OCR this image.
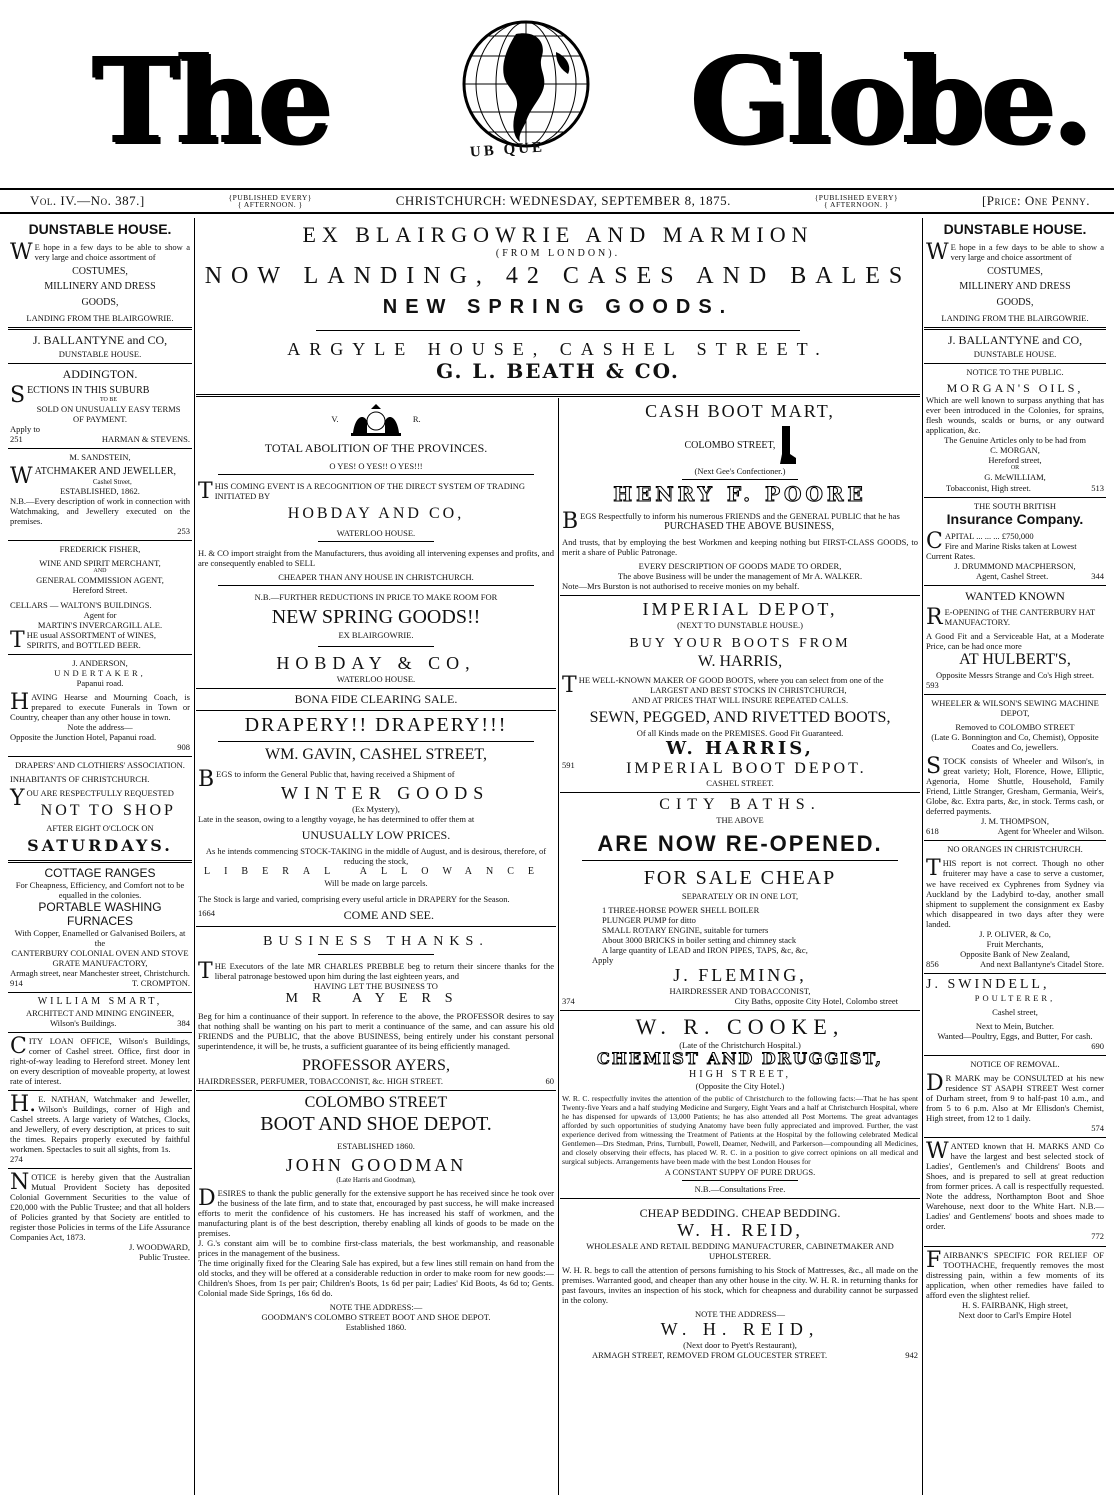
The	UB QUE Globe.
Vol. IV.—No. 387.]	{PUBLISHED EVERY}
{ AFTERNOON. }	CHRISTCHURCH: WEDNESDAY, SEPTEMBER 8, 1875.	{PUBLISHED EVERY}
{ AFTERNOON. }	[Price: One Penny.
DUNSTABLE HOUSE.
WE hope in a few days to be able to show a very large and choice assortment of
COSTUMES,
MILLINERY AND DRESS
GOODS,
LANDING FROM THE BLAIRGOWRIE.
J. BALLANTYNE and CO,
DUNSTABLE HOUSE.
ADDINGTON.
SECTIONS IN THIS SUBURB
TO BE
SOLD ON UNUSUALLY EASY TERMS
OF PAYMENT.
Apply to
251	HARMAN & STEVENS.
M. SANDSTEIN,
WATCHMAKER AND JEWELLER,
Cashel Street,
ESTABLISHED, 1862.
N.B.—Every description of work in connection with Watchmaking, and Jewellery executed on the premises.
253
FREDERICK FISHER,
WINE AND SPIRIT MERCHANT,
AND
GENERAL COMMISSION AGENT,
Hereford Street.
CELLARS — WALTON'S BUILDINGS.
Agent for
MARTIN'S INVERCARGILL ALE.
THE usual ASSORTMENT of WINES, SPIRITS, and BOTTLED BEER.
J. ANDERSON,
UNDERTAKER,
Papanui road.
HAVING Hearse and Mourning Coach, is prepared to execute Funerals in Town or Country, cheaper than any other house in town.
Note the address—
Opposite the Junction Hotel, Papanui road.
908
DRAPERS' AND CLOTHIERS' ASSOCIATION.
INHABITANTS OF CHRISTCHURCH.
YOU ARE RESPECTFULLY REQUESTED
NOT TO SHOP
AFTER EIGHT O'CLOCK ON
SATURDAYS.
COTTAGE RANGES
For Cheapness, Efficiency, and Comfort not to be equalled in the colonies.
PORTABLE WASHING FURNACES
With Copper, Enamelled or Galvanised Boilers, at the
CANTERBURY COLONIAL OVEN AND STOVE GRATE MANUFACTORY,
Armagh street, near Manchester street, Christchurch.
914	T. CROMPTON.
WILLIAM SMART,
ARCHITECT AND MINING ENGINEER,
Wilson's Buildings.	384
CITY LOAN OFFICE, Wilson's Buildings, corner of Cashel street. Office, first door in right-of-way leading to Hereford street. Money lent on every description of moveable property, at lowest rate of interest.
H.E. NATHAN, Watchmaker and Jeweller, Wilson's Buildings, corner of High and Cashel streets. A large variety of Watches, Clocks, and Jewellery, of every description, at prices to suit the times. Repairs properly executed by faithful workmen. Spectacles to suit all sights, from 1s.
274
NOTICE is hereby given that the Australian Mutual Provident Society has deposited Colonial Government Securities to the value of £20,000 with the Public Trustee; and that all holders of Policies granted by that Society are entitled to register those Policies in terms of the Life Assurance Companies Act, 1873.
J. WOODWARD,
Public Trustee.
EX BLAIRGOWRIE AND MARMION
(FROM LONDON).
NOW LANDING, 42 CASES AND BALES
NEW SPRING GOODS.
ARGYLE HOUSE, CASHEL STREET.
G. L. BEATH & CO.
V.	R.
TOTAL ABOLITION OF THE PROVINCES.
O YES! O YES!! O YES!!!
THIS COMING EVENT IS A RECOGNITION OF THE DIRECT SYSTEM OF TRADING INITIATED BY
HOBDAY AND CO,
WATERLOO HOUSE.
H. & CO import straight from the Manufacturers, thus avoiding all intervening expenses and profits, and are consequently enabled to SELL
CHEAPER THAN ANY HOUSE IN CHRISTCHURCH.
N.B.—FURTHER REDUCTIONS IN PRICE TO MAKE ROOM FOR
NEW SPRING GOODS!!
EX BLAIRGOWRIE.
HOBDAY & CO,
WATERLOO HOUSE.
BONA FIDE CLEARING SALE.
DRAPERY!! DRAPERY!!!
WM. GAVIN, CASHEL STREET,
BEGS to inform the General Public that, having received a Shipment of
WINTER GOODS
(Ex Mystery),
Late in the season, owing to a lengthy voyage, he has determined to offer them at
UNUSUALLY LOW PRICES.
As he intends commencing STOCK-TAKING in the middle of August, and is desirous, therefore, of reducing the stock,
LIBERAL ALLOWANCE
Will be made on large parcels.
The Stock is large and varied, comprising every useful article in DRAPERY for the Season.
1664	COME AND SEE.
BUSINESS THANKS.
THE Executors of the late MR CHARLES PREBBLE beg to return their sincere thanks for the liberal patronage bestowed upon him during the last eighteen years, and
HAVING LET THE BUSINESS TO
MR AYERS
Beg for him a continuance of their support. In reference to the above, the PROFESSOR desires to say that nothing shall be wanting on his part to merit a continuance of the same, and can assure his old FRIENDS and the PUBLIC, that the above BUSINESS, being entirely under his constant personal superintendence, it will be, he trusts, a sufficient guarantee of its being efficiently managed.
PROFESSOR AYERS,
HAIRDRESSER, PERFUMER, TOBACCONIST, &c. HIGH STREET.	60
COLOMBO STREET
BOOT AND SHOE DEPOT.
ESTABLISHED 1860.
JOHN GOODMAN
(Late Harris and Goodman),
DESIRES to thank the public generally for the extensive support he has received since he took over the business of the late firm, and to state that, encouraged by past success, he will make increased efforts to merit the confidence of his customers. He has increased his staff of workmen, and the manufacturing plant is of the best description, thereby enabling all kinds of goods to be made on the premises.
J. G.'s constant aim will be to combine first-class materials, the best workmanship, and reasonable prices in the management of the business.
The time originally fixed for the Clearing Sale has expired, but a few lines still remain on hand from the old stocks, and they will be offered at a considerable reduction in order to make room for new goods:—Children's Shoes, from 1s per pair; Children's Boots, 1s 6d per pair; Ladies' Kid Boots, 4s 6d to; Gents. Colonial made Side Springs, 16s 6d do.
NOTE THE ADDRESS:—
GOODMAN'S COLOMBO STREET BOOT AND SHOE DEPOT.
Established 1860.
CASH BOOT MART,
COLOMBO STREET,
(Next Gee's Confectioner.)
HENRY F. POORE
BEGS Respectfully to inform his numerous FRIENDS and the GENERAL PUBLIC that he has
PURCHASED THE ABOVE BUSINESS,
And trusts, that by employing the best Workmen and keeping nothing but FIRST-CLASS GOODS, to merit a share of Public Patronage.
EVERY DESCRIPTION OF GOODS MADE TO ORDER,
The above Business will be under the management of Mr A. WALKER.
Note—Mrs Burston is not authorised to receive monies on my behalf.
IMPERIAL DEPOT,
(NEXT TO DUNSTABLE HOUSE.)
BUY YOUR BOOTS FROM
W. HARRIS,
THE WELL-KNOWN MAKER OF GOOD BOOTS, where you can select from one of the
LARGEST AND BEST STOCKS IN CHRISTCHURCH,
AND AT PRICES THAT WILL INSURE REPEATED CALLS.
SEWN, PEGGED, AND RIVETTED BOOTS,
Of all Kinds made on the PREMISES. Good Fit Guaranteed.
W. HARRIS,
591	IMPERIAL BOOT DEPOT.
CASHEL STREET.
CITY BATHS.
THE ABOVE
ARE NOW RE-OPENED.
FOR SALE CHEAP
SEPARATELY OR IN ONE LOT,
1 THREE-HORSE POWER SHELL BOILER
PLUNGER PUMP for ditto
SMALL ROTARY ENGINE, suitable for turners
About 3000 BRICKS in boiler setting and chimney stack
A large quantity of LEAD and IRON PIPES, TAPS, &c, &c,
Apply
J. FLEMING,
HAIRDRESSER AND TOBACCONIST,
374	City Baths, opposite City Hotel, Colombo street
W. R. COOKE,
(Late of the Christchurch Hospital.)
CHEMIST AND DRUGGIST,
HIGH STREET,
(Opposite the City Hotel.)
W. R. C. respectfully invites the attention of the public of Christchurch to the following facts:—That he has spent Twenty-five Years and a half studying Medicine and Surgery, Eight Years and a half at Christchurch Hospital, where he has dispensed for upwards of 13,000 Patients; he has also attended all Post Mortems. The great advantages afforded by such opportunities of studying Anatomy have been fully appreciated and improved. Further, the vast experience derived from witnessing the Treatment of Patients at the Hospital by the following celebrated Medical Gentlemen—Drs Stedman, Prins, Turnbull, Powell, Deamer, Nedwill, and Parkerson—compounding all Medicines, and closely observing their effects, has placed W. R. C. in a position to give correct opinions on all medical and surgical subjects. Arrangements have been made with the best London Houses for
A CONSTANT SUPPY OF PURE DRUGS.
N.B.—Consultations Free.
CHEAP BEDDING. CHEAP BEDDING.
W. H. REID,
WHOLESALE AND RETAIL BEDDING MANUFACTURER, CABINETMAKER AND UPHOLSTERER.
W. H. R. begs to call the attention of persons furnishing to his Stock of Mattresses, &c., all made on the premises. Warranted good, and cheaper than any other house in the city. W. H. R. in returning thanks for past favours, invites an inspection of his stock, which for cheapness and durability cannot be surpassed in the colony.
NOTE THE ADDRESS—
W. H. REID,
(Next door to Pyett's Restaurant),
ARMAGH STREET, REMOVED FROM GLOUCESTER STREET.	942
DUNSTABLE HOUSE.
WE hope in a few days to be able to show a very large and choice assortment of
COSTUMES,
MILLINERY AND DRESS
GOODS,
LANDING FROM THE BLAIRGOWRIE.
J. BALLANTYNE and CO,
DUNSTABLE HOUSE.
NOTICE TO THE PUBLIC.
MORGAN'S OILS,
Which are well known to surpass anything that has ever been introduced in the Colonies, for sprains, flesh wounds, scalds or burns, or any outward application, &c.
The Genuine Articles only to be had from
C. MORGAN,
Hereford street,
OR
G. McWILLIAM,
Tobacconist, High street.	513
THE SOUTH BRITISH
Insurance Company.
CAPITAL ... ... ... £750,000
Fire and Marine Risks taken at Lowest Current Rates.
J. DRUMMOND MACPHERSON,
Agent, Cashel Street.	344
WANTED KNOWN
RE-OPENING of THE CANTERBURY HAT MANUFACTORY.
A Good Fit and a Serviceable Hat, at a Moderate Price, can be had once more
AT HULBERT'S,
Opposite Messrs Strange and Co's High street.
593
WHEELER & WILSON'S SEWING MACHINE DEPOT,
Removed to COLOMBO STREET
(Late G. Bonnington and Co, Chemist), Opposite Coates and Co, jewellers.
STOCK consists of Wheeler and Wilson's, in great variety; Holt, Florence, Howe, Elliptic, Agenoria, Home Shuttle, Household, Family Friend, Little Stranger, Gresham, Germania, Weir's, Globe, &c. Extra parts, &c, in stock. Terms cash, or deferred payments.
J. M. THOMPSON,
618	Agent for Wheeler and Wilson.
NO ORANGES IN CHRISTCHURCH.
THIS report is not correct. Though no other fruiterer may have a case to serve a customer, we have received ex Cyphrenes from Sydney via Auckland by the Ladybird to-day, another small shipment to supplement the consignment ex Easby which disappeared in two days after they were landed.
J. P. OLIVER, & Co,
Fruit Merchants,
Opposite Bank of New Zealand,
856	And next Ballantyne's Citadel Store.
J. SWINDELL,
POULTERER,
Cashel street,
Next to Mein, Butcher.
Wanted—Poultry, Eggs, and Butter, For cash.
690
NOTICE OF REMOVAL.
DR MARK may be CONSULTED at his new residence ST ASAPH STREET West corner of Durham street, from 9 to half-past 10 a.m., and from 5 to 6 p.m. Also at Mr Ellisdon's Chemist, High street, from 12 to 1 daily.
574
WANTED known that H. MARKS AND Co have the largest and best selected stock of Ladies', Gentlemen's and Childrens' Boots and Shoes, and is prepared to sell at great reduction from former prices. A call is respectfully requested. Note the address, Northampton Boot and Shoe Warehouse, next door to the White Hart. N.B.—Ladies' and Gentlemens' boots and shoes made to order.
772
FAIRBANK'S SPECIFIC FOR RELIEF OF TOOTHACHE, frequently removes the most distressing pain, within a few moments of its application, when other remedies have failed to afford even the slightest relief.
H. S. FAIRBANK, High street,
Next door to Carl's Empire Hotel
